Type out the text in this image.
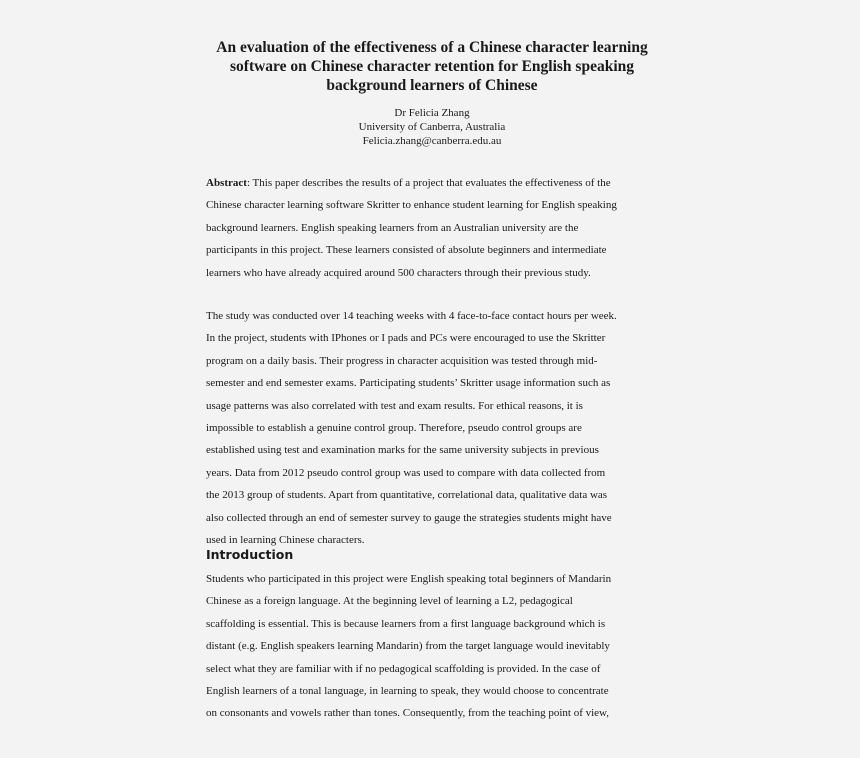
An evaluation of the effectiveness of a Chinese character learning
software on Chinese character retention for English speaking
background learners of Chinese
Dr Felicia Zhang
University of Canberra, Australia
Felicia.zhang@canberra.edu.au

Abstract: This paper describes the results of a project that evaluates the effectiveness of the
Chinese character learning software Skritter to enhance student learning for English speaking
background learners. English speaking learners from an Australian university are the
participants in this project. These learners consisted of absolute beginners and intermediate
learners who have already acquired around 500 characters through their previous study.

The study was conducted over 14 teaching weeks with 4 face-to-face contact hours per week.
In the project, students with IPhones or I pads and PCs were encouraged to use the Skritter
program on a daily basis. Their progress in character acquisition was tested through mid-
semester and end semester exams. Participating students’ Skritter usage information such as
usage patterns was also correlated with test and exam results. For ethical reasons, it is
impossible to establish a genuine control group. Therefore, pseudo control groups are
established using test and examination marks for the same university subjects in previous
years. Data from 2012 pseudo control group was used to compare with data collected from
the 2013 group of students. Apart from quantitative, correlational data, qualitative data was
also collected through an end of semester survey to gauge the strategies students might have
used in learning Chinese characters.

Introduction

Students who participated in this project were English speaking total beginners of Mandarin
Chinese as a foreign language. At the beginning level of learning a L2, pedagogical
scaffolding is essential. This is because learners from a first language background which is
distant (e.g. English speakers learning Mandarin) from the target language would inevitably
select what they are familiar with if no pedagogical scaffolding is provided. In the case of
English learners of a tonal language, in learning to speak, they would choose to concentrate
on consonants and vowels rather than tones. Consequently, from the teaching point of view,
